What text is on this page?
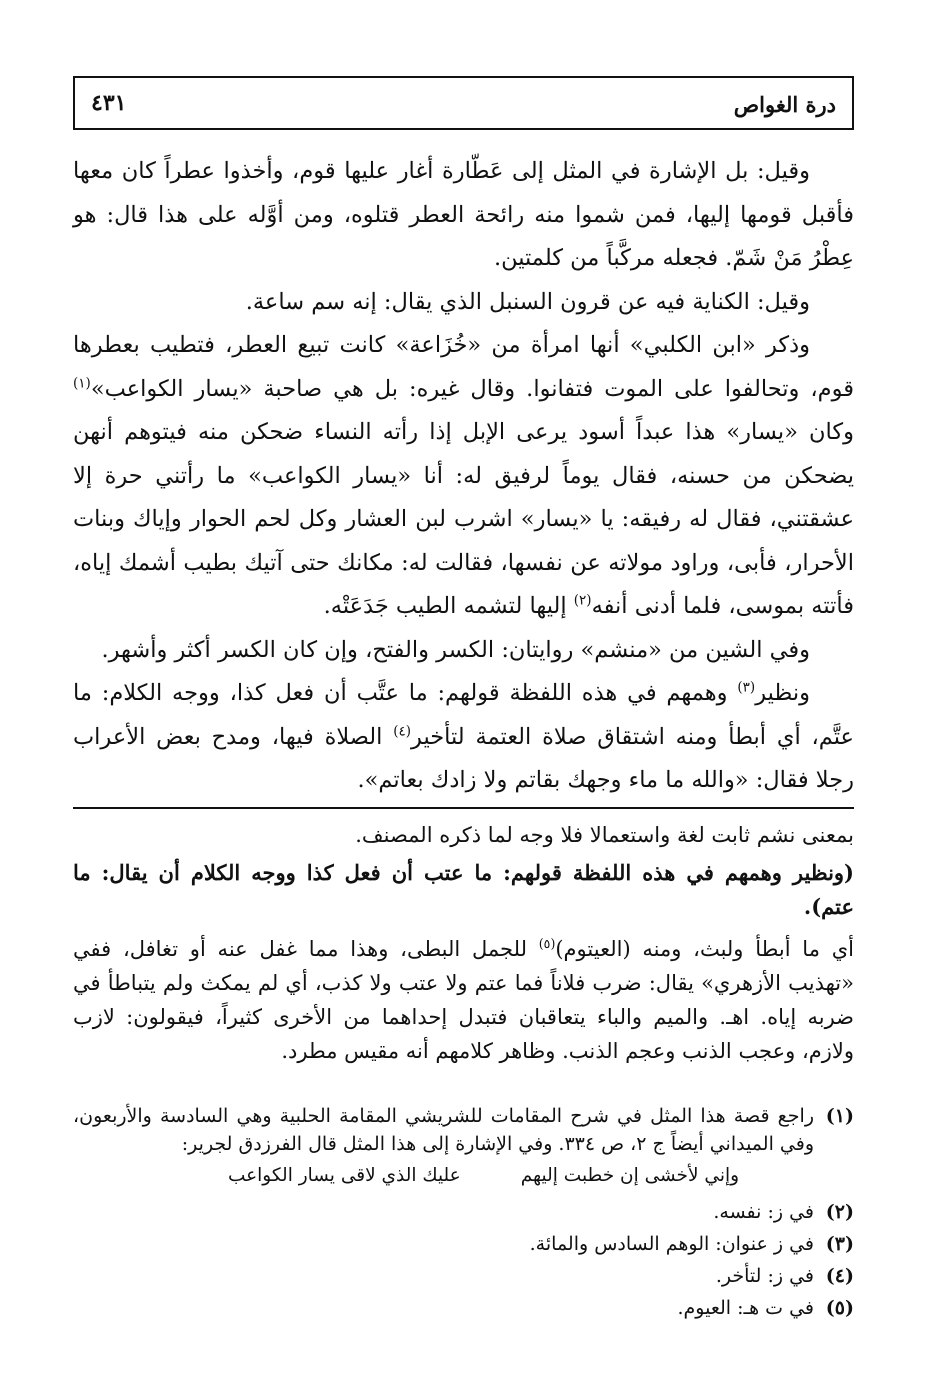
درة الغواص
٤٣١

وقيل: بل الإشارة في المثل إلى عَطّارة أغار عليها قوم، وأخذوا عطراً كان معها فأقبل قومها إليها، فمن شموا منه رائحة العطر قتلوه، ومن أوَّله على هذا قال: هو عِطْرُ مَنْ شَمّ. فجعله مركَّباً من كلمتين.

وقيل: الكناية فيه عن قرون السنبل الذي يقال: إنه سم ساعة.

وذكر «ابن الكلبي» أنها امرأة من «خُزَاعة» كانت تبيع العطر، فتطيب بعطرها قوم، وتحالفوا على الموت فتفانوا. وقال غيره: بل هي صاحبة «يسار الكواعب»$^{(١)}$ وكان «يسار» هذا عبداً أسود يرعى الإبل إذا رأته النساء ضحكن منه فيتوهم أنهن يضحكن من حسنه، فقال يوماً لرفيق له: أنا «يسار الكواعب» ما رأتني حرة إلا عشقتني، فقال له رفيقه: يا «يسار» اشرب لبن العشار وكل لحم الحوار وإياك وبنات الأحرار، فأبى، وراود مولاته عن نفسها، فقالت له: مكانك حتى آتيك بطيب أشمك إياه، فأتته بموسى، فلما أدنى أنفه$^{(٢)}$ إليها لتشمه الطيب جَدَعَتْه.

وفي الشين من «منشم» روايتان: الكسر والفتح، وإن كان الكسر أكثر وأشهر.

ونظير$^{(٣)}$ وهمهم في هذه اللفظة قولهم: ما عتَّب أن فعل كذا، ووجه الكلام: ما عتَّم، أي أبطأ ومنه اشتقاق صلاة العتمة لتأخير$^{(٤)}$ الصلاة فيها، ومدح بعض الأعراب رجلا فقال: «والله ما ماء وجهك بقاتم ولا زادك بعاتم».

بمعنى نشم ثابت لغة واستعمالا فلا وجه لما ذكره المصنف.

(ونظير وهمهم في هذه اللفظة قولهم: ما عتب أن فعل كذا ووجه الكلام أن يقال: ما عتم).

أي ما أبطأ ولبث، ومنه (العيتوم)$^{(٥)}$ للجمل البطى، وهذا مما غفل عنه أو تغافل، ففي «تهذيب الأزهري» يقال: ضرب فلاناً فما عتم ولا عتب ولا كذب، أي لم يمكث ولم يتباطأ في ضربه إياه. اهـ. والميم والباء يتعاقبان فتبدل إحداهما من الأخرى كثيراً، فيقولون: لازب ولازم، وعجب الذنب وعجم الذنب. وظاهر كلامهم أنه مقيس مطرد.

(١)
راجع قصة هذا المثل في شرح المقامات للشريشي المقامة الحلبية وهي السادسة والأربعون، وفي الميداني أيضاً ج ٢، ص ٣٣٤. وفي الإشارة إلى هذا المثل قال الفرزدق لجرير:
وإني لأخشى إن خطبت إليهم
عليك الذي لاقى يسار الكواعب
(٢)
في ز: نفسه.
(٣)
في ز عنوان: الوهم السادس والمائة.
(٤)
في ز: لتأخر.
(٥)
في ت هـ: العيوم.
